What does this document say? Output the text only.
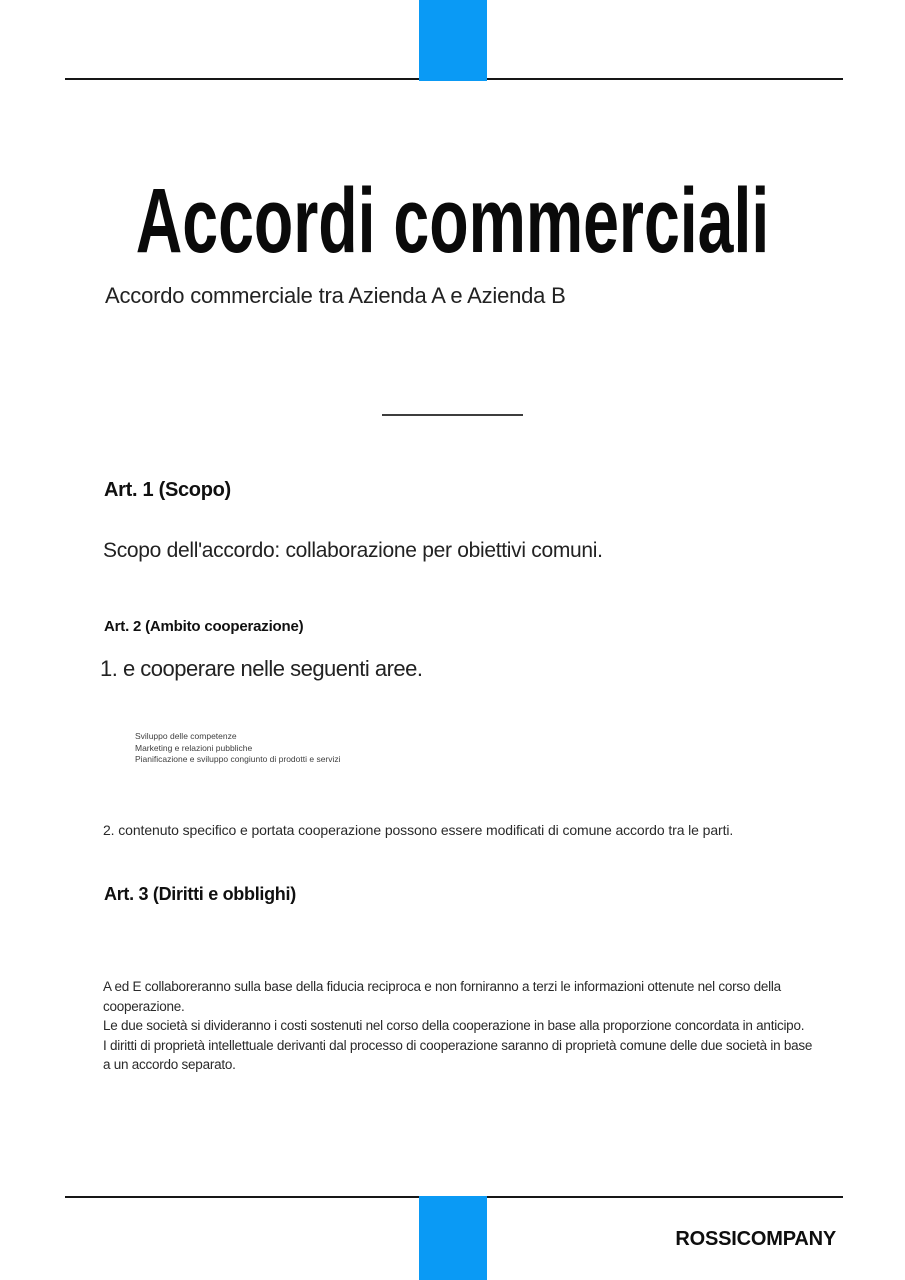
Accordi commerciali
Accordo commerciale tra Azienda A e Azienda B
Art. 1 (Scopo)
Scopo dell'accordo: collaborazione per obiettivi comuni.
Art. 2 (Ambito cooperazione)
1. e cooperare nelle seguenti aree.
Sviluppo delle competenze
Marketing e relazioni pubbliche
Pianificazione e sviluppo congiunto di prodotti e servizi
2. contenuto specifico e portata cooperazione possono essere modificati di comune accordo tra le parti.
Art. 3 (Diritti e obblighi)

A ed E collaboreranno sulla base della fiducia reciproca e non forniranno a terzi le informazioni ottenute nel corso della cooperazione.

Le due società si divideranno i costi sostenuti nel corso della cooperazione in base alla proporzione concordata in anticipo.

I diritti di proprietà intellettuale derivanti dal processo di cooperazione saranno di proprietà comune delle due società in base a un accordo separato.

ROSSICOMPANY
